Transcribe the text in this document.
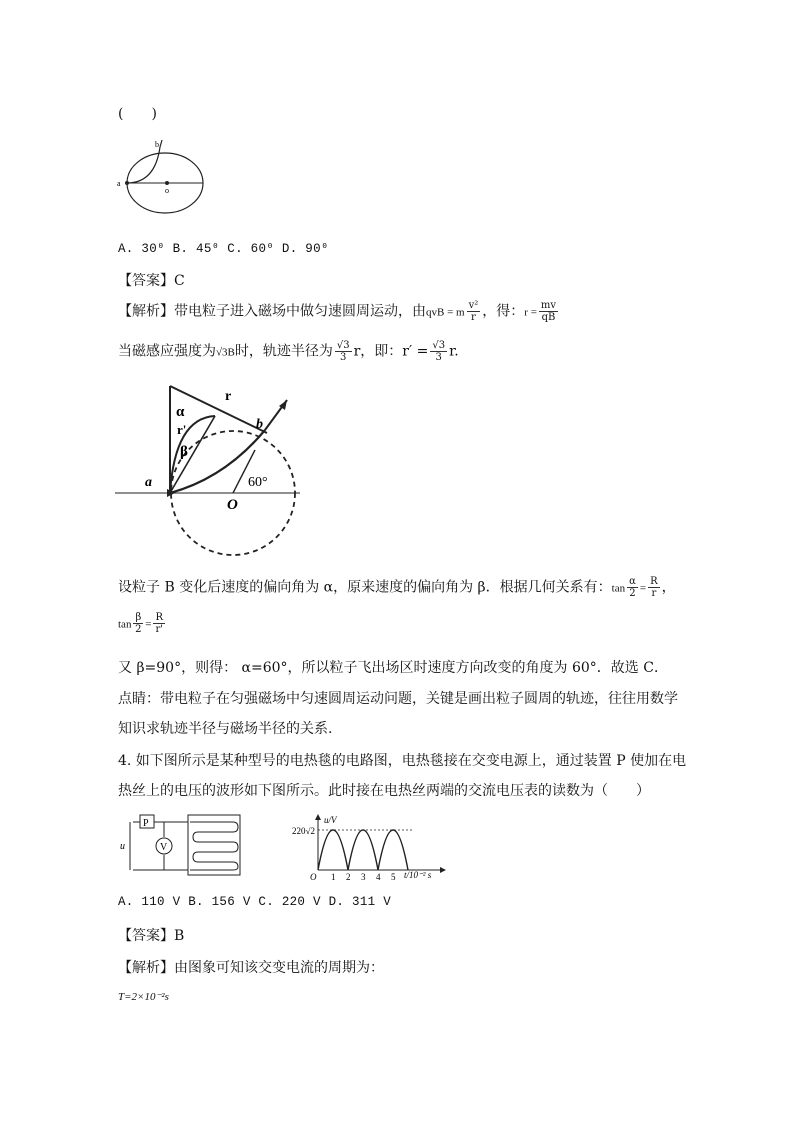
(　　)
a
b
o
A. 30⁰ B. 45⁰ C. 60⁰ D. 90⁰
【答案】C
【解析】带电粒子进入磁场中做匀速圆周运动，由qvB = m $\frac{\text{v²}}{r}$ ，得：$r = \frac{mv}{qB}$
当磁感应强度为√3B时，轨迹半径为 $\frac{√3}{3}$ r，即：$r' = \frac{√3}{3} r$.
α
r'
β
r
a
b
O
60°
设粒子 B 变化后速度的偏向角为 α，原来速度的偏向角为 β．根据几何关系有：$\tan \frac{\alpha}{2} = \frac{R}{r}$ ，
$\tan \frac{\beta}{2} = \frac{R}{r'}$
又 β=90°，则得： α=60°，所以粒子飞出场区时速度方向改变的角度为 60°．故选 C．
点睛：带电粒子在匀强磁场中匀速圆周运动问题，关键是画出粒子圆周的轨迹，往往用数学
知识求轨迹半径与磁场半径的关系.
4. 如下图所示是某种型号的电热毯的电路图，电热毯接在交变电源上，通过装置 P 使加在电
热丝上的电压的波形如下图所示。此时接在电热丝两端的交流电压表的读数为（　　）
P
V
u
220√2
u/V
O 1 2 3 4 5 t/10⁻² s
A. 110 V B. 156 V C. 220 V D. 311 V
【答案】B
【解析】由图象可知该交变电流的周期为：
T=2×10⁻²s
